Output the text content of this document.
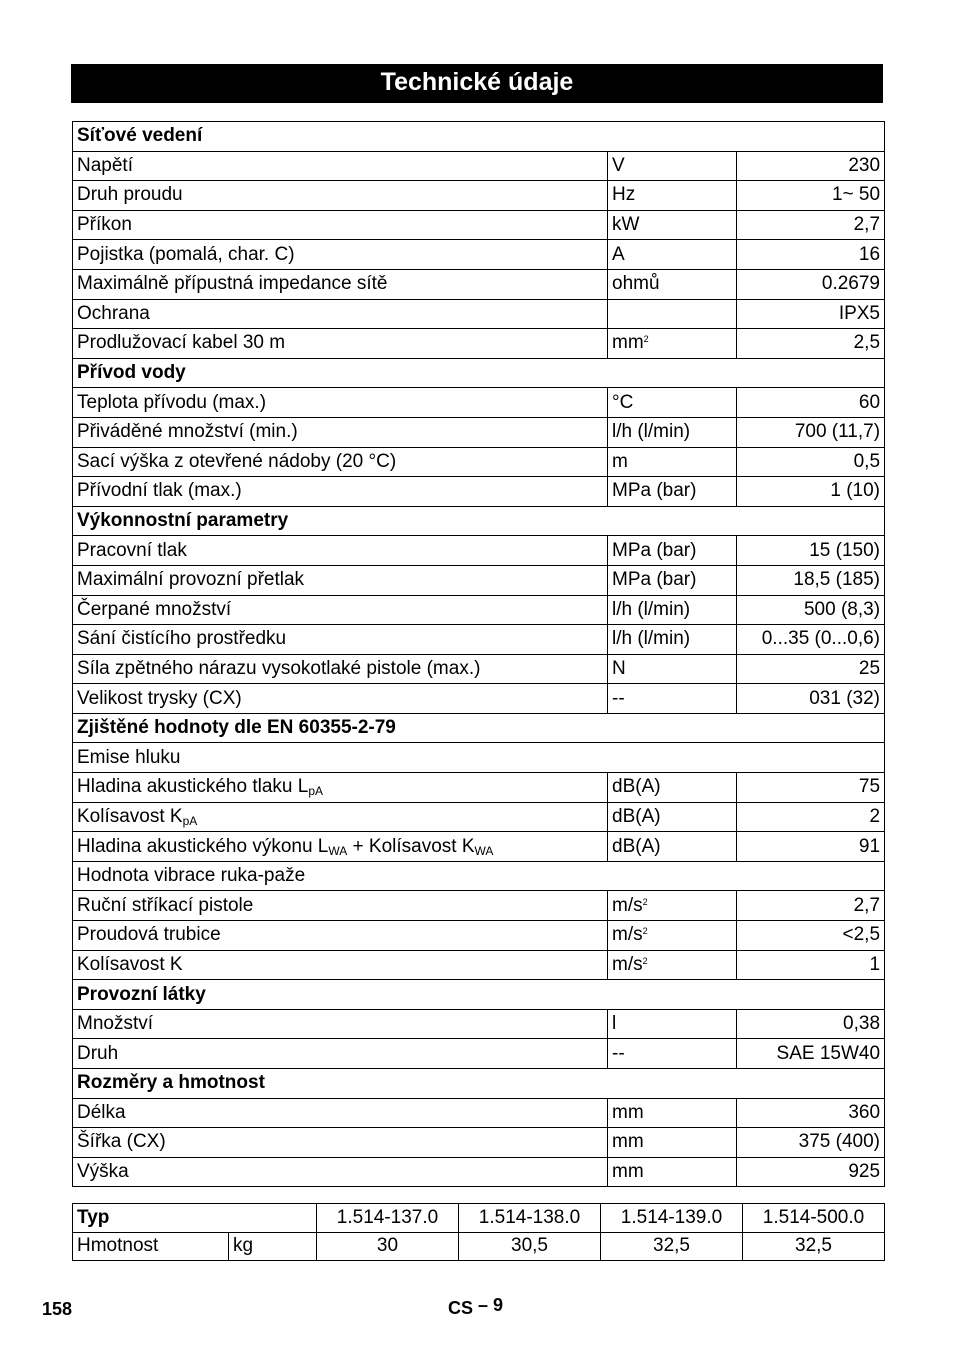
Technické údaje
Síťové vedení		
Napětí	V	230
Druh proudu	Hz	1~ 50
Příkon	kW	2,7
Pojistka (pomalá, char. C)	A	16
Maximálně přípustná impedance sítě	ohmů	0.2679
Ochrana		IPX5
Prodlužovací kabel 30 m	$mm^2$	2,5
Přívod vody		
Teplota přívodu (max.)	°C	60
Přiváděné množství (min.)	l/h (l/min)	700 (11,7)
Sací výška z otevřené nádoby (20 °C)	m	0,5
Přívodní tlak (max.)	MPa (bar)	1 (10)
Výkonnostní parametry		
Pracovní tlak	MPa (bar)	15 (150)
Maximální provozní přetlak	MPa (bar)	18,5 (185)
Čerpané množství	l/h (l/min)	500 (8,3)
Sání čistícího prostředku	l/h (l/min)	0...35 (0...0,6)
Síla zpětného nárazu vysokotlaké pistole (max.)	N	25
Velikost trysky (CX)	--	031 (32)
Zjištěné hodnoty dle EN 60355-2-79		
Emise hluku		
Hladina akustického tlaku $L_{pA}$	dB(A)	75
Kolísavost $K_{pA}$	dB(A)	2
Hladina akustického výkonu $L_{WA}$ + Kolísavost $K_{WA}$	dB(A)	91
Hodnota vibrace ruka-paže		
Ruční stříkací pistole	$m/s^2$	2,7
Proudová trubice	$m/s^2$	<2,5
Kolísavost K	$m/s^2$	1
Provozní látky		
Množství	l	0,38
Druh	--	SAE 15W40
Rozměry a hmotnost		
Délka	mm	360
Šířka (CX)	mm	375 (400)
Výška	mm	925
Typ		1.514-137.0	1.514-138.0	1.514-139.0	1.514-500.0
Hmotnost	kg	30	30,5	32,5	32,5
158	CS – 9
